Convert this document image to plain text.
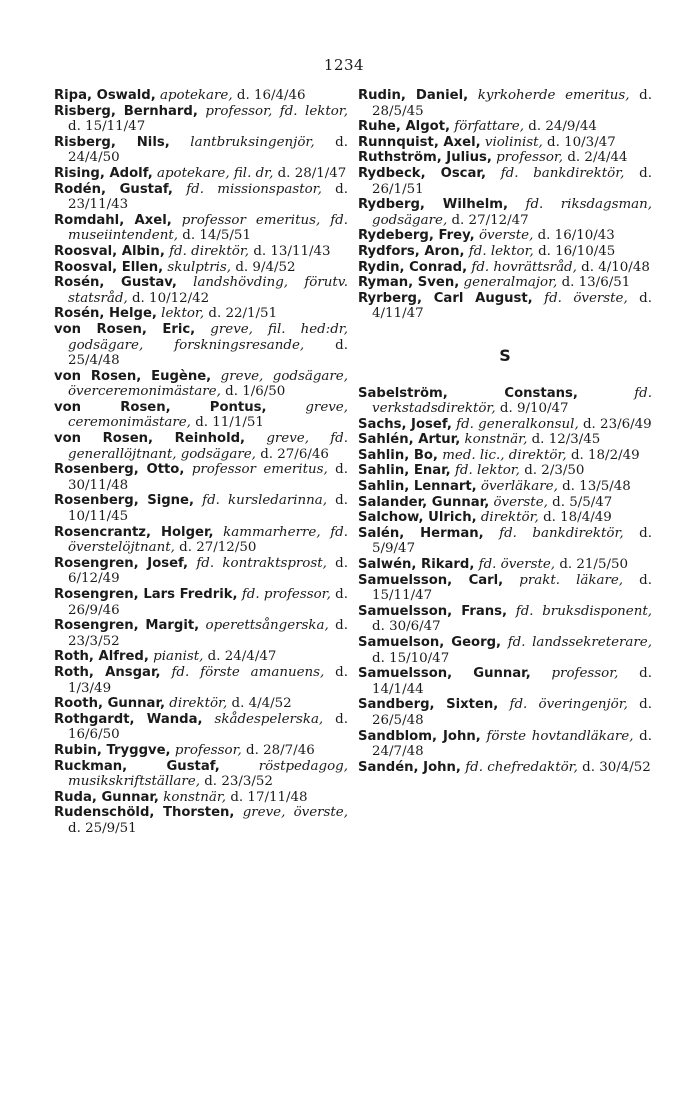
1234

Ripa, Oswald, apotekare, d. 16/4/46

Risberg, Bernhard, professor, fd. lektor, d. 15/11/47

Risberg, Nils, lantbruksingenjör, d. 24/4/50

Rising, Adolf, apotekare, fil. dr, d. 28/1/47

Rodén, Gustaf, fd. missionspastor, d. 23/11/43

Romdahl, Axel, professor emeritus, fd. museiintendent, d. 14/5/51

Roosval, Albin, fd. direktör, d. 13/11/43

Roosval, Ellen, skulptris, d. 9/4/52

Rosén, Gustav, landshövding, förutv. statsråd, d. 10/12/42

Rosén, Helge, lektor, d. 22/1/51

von Rosen, Eric, greve, fil. hed:dr, godsägare, forskningsresande, d. 25/4/48

von Rosen, Eugène, greve, godsägare, överceremonimästare, d. 1/6/50

von Rosen, Pontus,	greve, ceremonimästare, d. 11/1/51

von Rosen, Reinhold, greve, fd. generallöjtnant, godsägare, d. 27/6/46

Rosenberg, Otto, professor emeritus, d. 30/11/48

Rosenberg, Signe, fd. kursledarinna, d. 10/11/45

Rosencrantz, Holger, kammarherre, fd. överstelöjtnant, d. 27/12/50

Rosengren, Josef, fd. kontraktsprost, d. 6/12/49

Rosengren, Lars Fredrik, fd. professor, d. 26/9/46

Rosengren, Margit, operettsångerska, d. 23/3/52

Roth, Alfred, pianist, d. 24/4/47

Roth, Ansgar, fd. förste amanuens, d. 1/3/49

Rooth, Gunnar, direktör, d. 4/4/52

Rothgardt, Wanda, skådespelerska, d. 16/6/50

Rubin, Tryggve, professor, d. 28/7/46

Ruckman, Gustaf,	röstpedagog, musikskriftställare, d. 23/3/52

Ruda, Gunnar, konstnär, d. 17/11/48

Rudenschöld, Thorsten, greve, överste, d. 25/9/51

Rudin, Daniel, kyrkoherde emeritus, d. 28/5/45

Ruhe, Algot, författare, d. 24/9/44

Runnquist, Axel, violinist, d. 10/3/47

Ruthström, Julius, professor, d. 2/4/44

Rydbeck, Oscar, fd. bankdirektör, d. 26/1/51

Rydberg, Wilhelm, fd. riksdagsman, godsägare, d. 27/12/47

Rydeberg, Frey, överste, d. 16/10/43

Rydfors, Aron, fd. lektor, d. 16/10/45

Rydin, Conrad, fd. hovrättsråd, d. 4/10/48

Ryman, Sven, generalmajor, d. 13/6/51

Ryrberg, Carl August, fd. överste, d. 4/11/47

S

Sabelström, Constans,	fd. verkstadsdirektör, d. 9/10/47

Sachs, Josef, fd. generalkonsul, d. 23/6/49

Sahlén, Artur, konstnär, d. 12/3/45

Sahlin, Bo, med. lic., direktör, d. 18/2/49

Sahlin, Enar, fd. lektor, d. 2/3/50

Sahlin, Lennart, överläkare, d. 13/5/48

Salander, Gunnar, överste, d. 5/5/47

Salchow, Ulrich, direktör, d. 18/4/49

Salén, Herman, fd. bankdirektör, d. 5/9/47

Salwén, Rikard, fd. överste, d. 21/5/50

Samuelsson, Carl, prakt. läkare, d. 15/11/47

Samuelsson, Frans, fd. bruksdisponent, d. 30/6/47

Samuelson, Georg, fd. landssekreterare, d. 15/10/47

Samuelsson, Gunnar, professor, d. 14/1/44

Sandberg, Sixten, fd. överingenjör, d. 26/5/48

Sandblom, John, förste hovtandläkare, d. 24/7/48

Sandén, John, fd. chefredaktör, d. 30/4/52
